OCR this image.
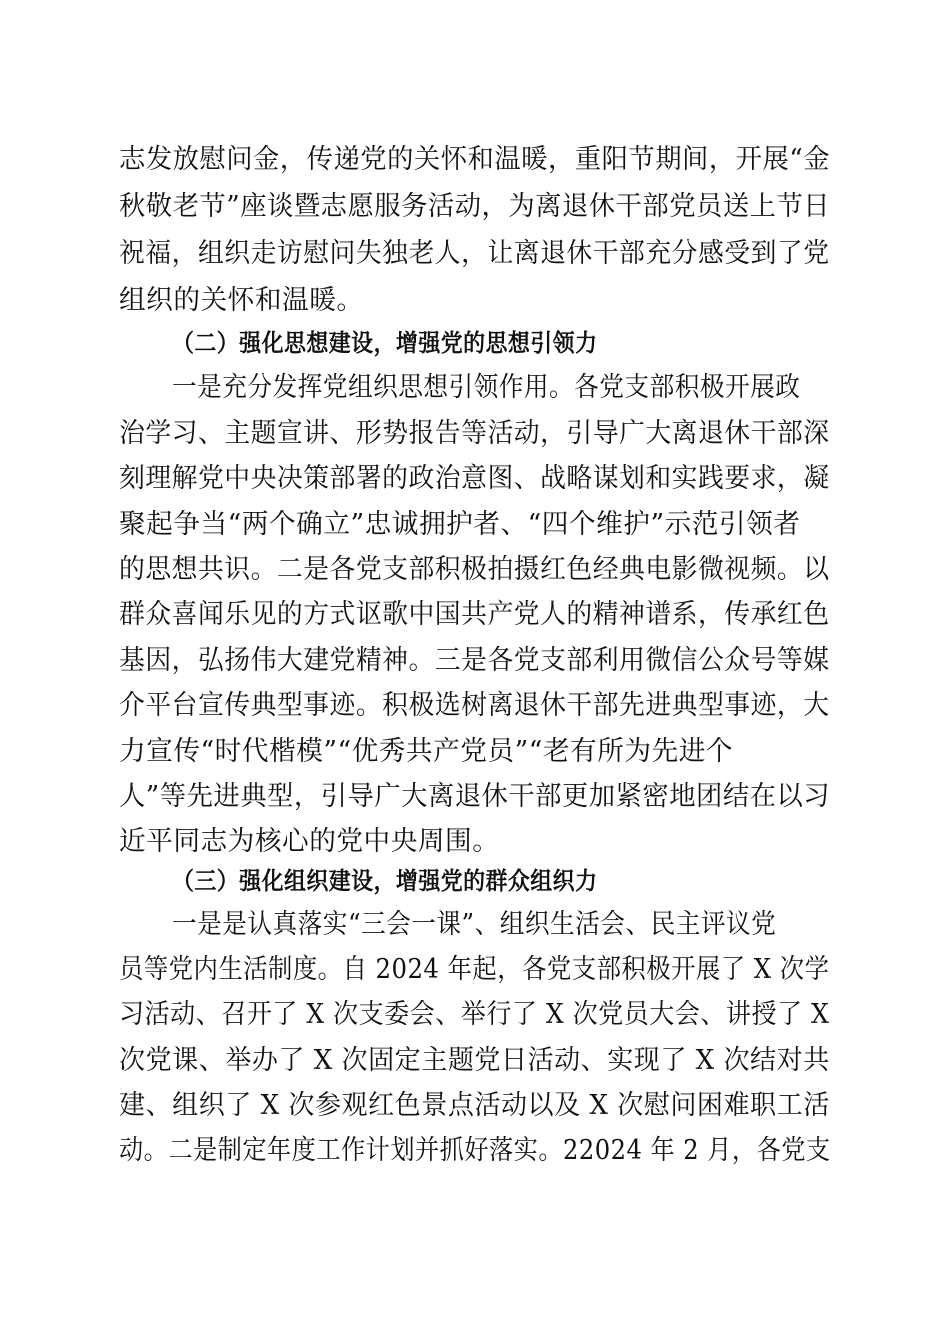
志发放慰问金，传递党的关怀和温暖，重阳节期间，开展“金
秋敬老节”座谈暨志愿服务活动，为离退休干部党员送上节日
祝福，组织走访慰问失独老人，让离退休干部充分感受到了党
组织的关怀和温暖。
（二）强化思想建设，增强党的思想引领力
一是充分发挥党组织思想引领作用。各党支部积极开展政
治学习、主题宣讲、形势报告等活动，引导广大离退休干部深
刻理解党中央决策部署的政治意图、战略谋划和实践要求，凝
聚起争当“两个确立”忠诚拥护者、“四个维护”示范引领者
的思想共识。二是各党支部积极拍摄红色经典电影微视频。以
群众喜闻乐见的方式讴歌中国共产党人的精神谱系，传承红色
基因，弘扬伟大建党精神。三是各党支部利用微信公众号等媒
介平台宣传典型事迹。积极选树离退休干部先进典型事迹，大
力宣传“时代楷模”“优秀共产党员”“老有所为先进个
人”等先进典型，引导广大离退休干部更加紧密地团结在以习
近平同志为核心的党中央周围。
（三）强化组织建设，增强党的群众组织力
一是是认真落实“三会一课”、组织生活会、民主评议党
员等党内生活制度。自 2024 年起，各党支部积极开展了 X 次学
习活动、召开了 X 次支委会、举行了 X 次党员大会、讲授了 X
次党课、举办了 X 次固定主题党日活动、实现了 X 次结对共
建、组织了 X 次参观红色景点活动以及 X 次慰问困难职工活
动。二是制定年度工作计划并抓好落实。22024 年 2 月，各党支
